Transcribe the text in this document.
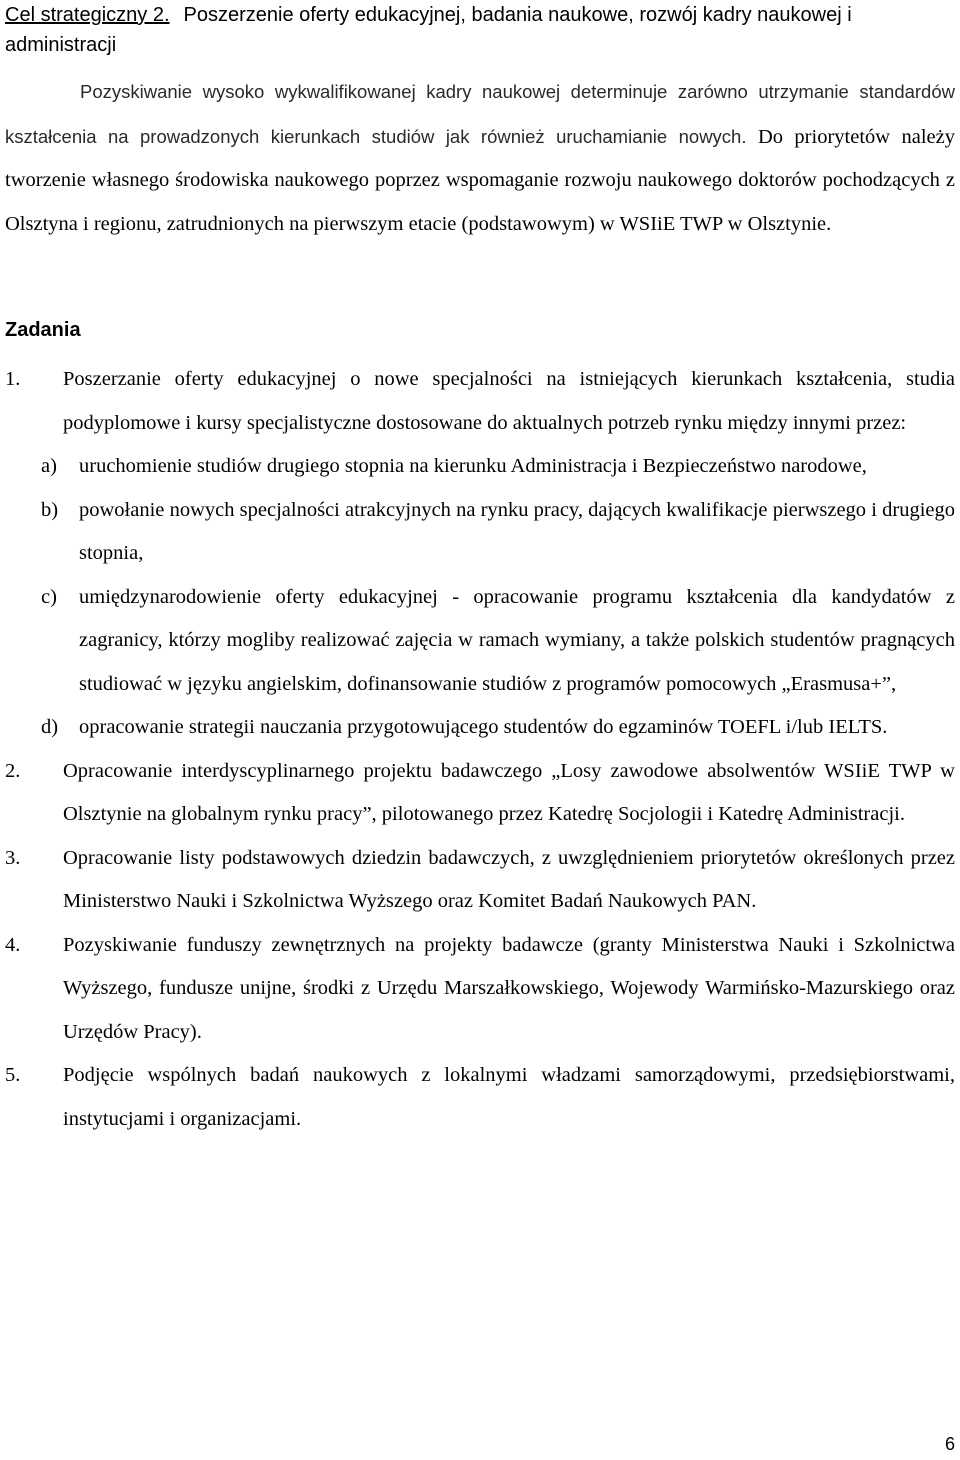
Cel strategiczny 2. Poszerzenie oferty edukacyjnej, badania naukowe, rozwój kadry naukowej i administracji

Pozyskiwanie wysoko wykwalifikowanej kadry naukowej determinuje zarówno utrzymanie standardów kształcenia na prowadzonych kierunkach studiów jak również uruchamianie nowych. Do priorytetów należy tworzenie własnego środowiska naukowego poprzez wspomaganie rozwoju naukowego doktorów pochodzących z Olsztyna i regionu, zatrudnionych na pierwszym etacie (podstawowym) w WSIiE TWP w Olsztynie.

Zadania
1. Poszerzanie oferty edukacyjnej o nowe specjalności na istniejących kierunkach kształcenia, studia podyplomowe i kursy specjalistyczne dostosowane do aktualnych potrzeb rynku między innymi przez:
a) uruchomienie studiów drugiego stopnia na kierunku Administracja i Bezpieczeństwo narodowe,
b) powołanie nowych specjalności atrakcyjnych na rynku pracy, dających kwalifikacje pierwszego i drugiego stopnia,
c) umiędzynarodowienie oferty edukacyjnej - opracowanie programu kształcenia dla kandydatów z zagranicy, którzy mogliby realizować zajęcia w ramach wymiany, a także polskich studentów pragnących studiować w języku angielskim, dofinansowanie studiów z programów pomocowych „Erasmusa+”,
d) opracowanie strategii nauczania przygotowującego studentów do egzaminów TOEFL i/lub IELTS.
2. Opracowanie interdyscyplinarnego projektu badawczego „Losy zawodowe absolwentów WSIiE TWP w Olsztynie na globalnym rynku pracy”, pilotowanego przez Katedrę Socjologii i Katedrę Administracji.
3. Opracowanie listy podstawowych dziedzin badawczych, z uwzględnieniem priorytetów określonych przez Ministerstwo Nauki i Szkolnictwa Wyższego oraz Komitet Badań Naukowych PAN.
4. Pozyskiwanie funduszy zewnętrznych na projekty badawcze (granty Ministerstwa Nauki i Szkolnictwa Wyższego, fundusze unijne, środki z Urzędu Marszałkowskiego, Wojewody Warmińsko-Mazurskiego oraz Urzędów Pracy).
5. Podjęcie wspólnych badań naukowych z lokalnymi władzami samorządowymi, przedsiębiorstwami, instytucjami i organizacjami.
6
